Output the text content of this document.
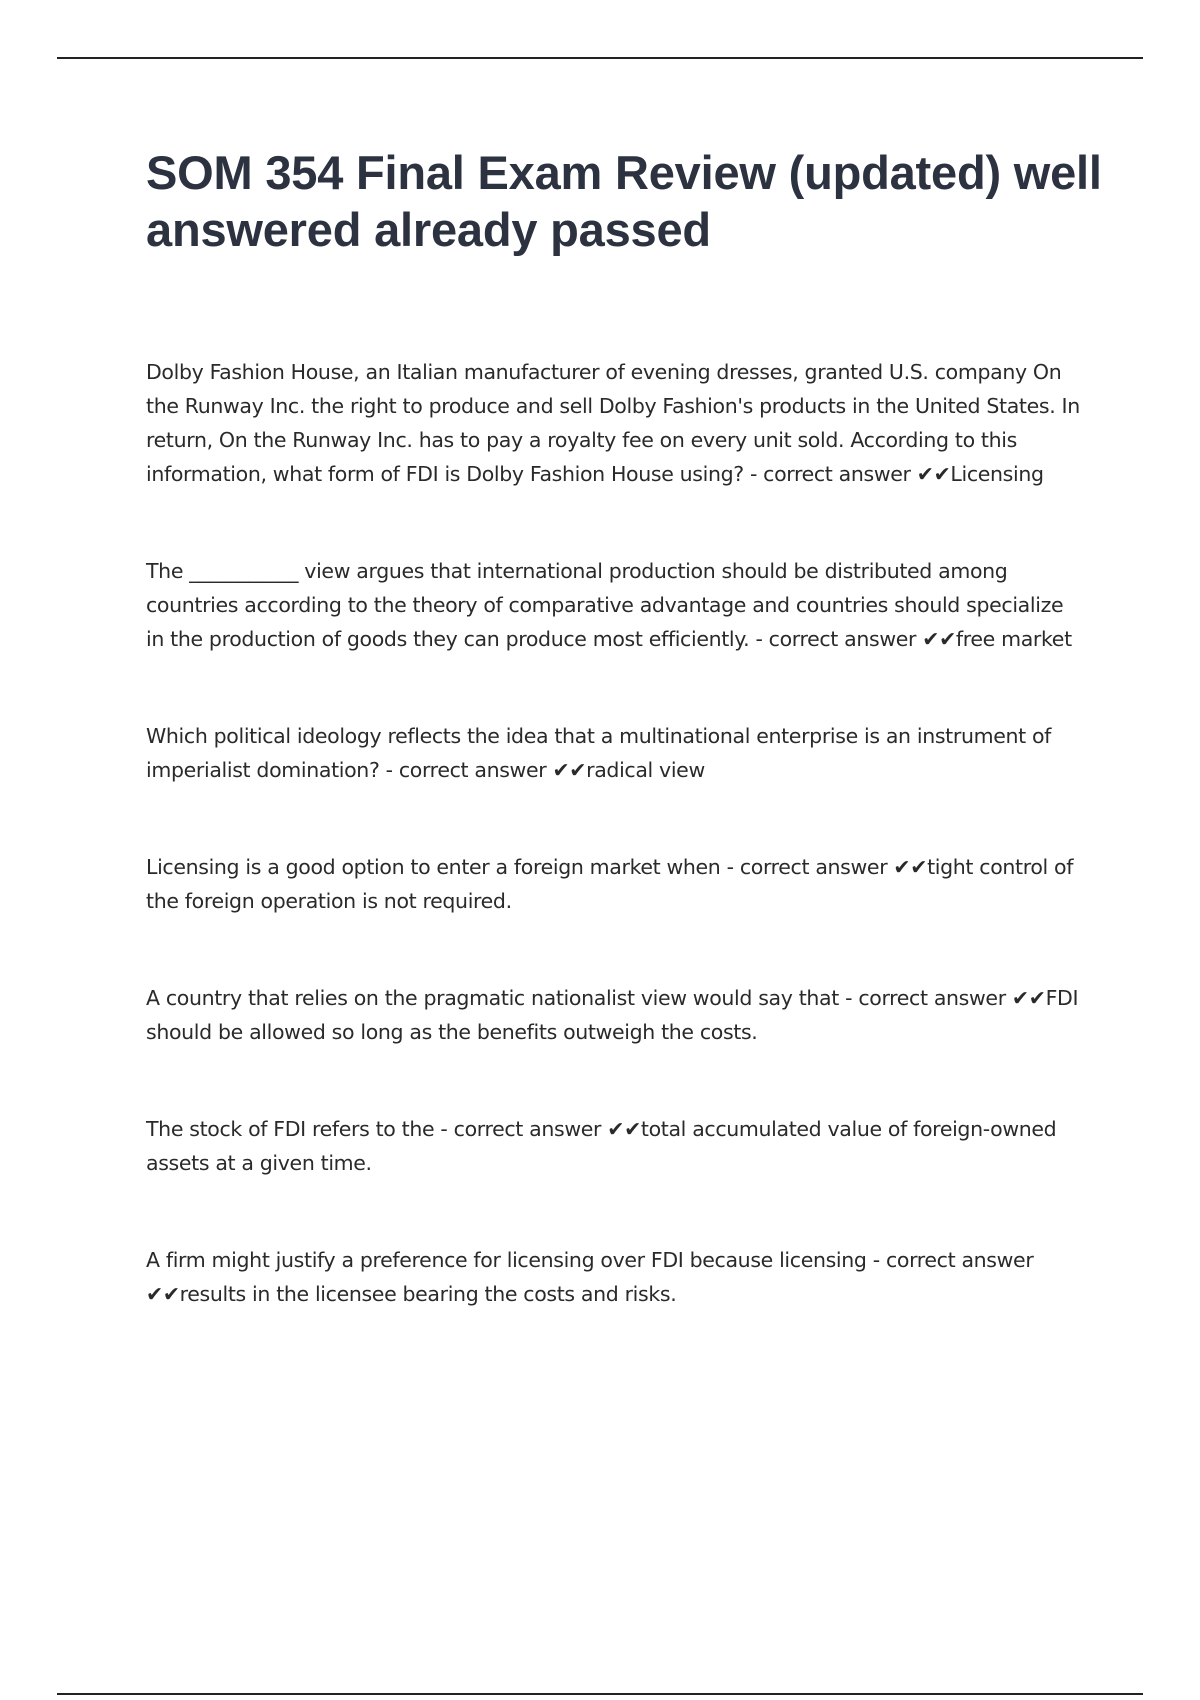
SOM 354 Final Exam Review (updated) well answered already passed

Dolby Fashion House, an Italian manufacturer of evening dresses, granted U.S. company On the Runway Inc. the right to produce and sell Dolby Fashion's products in the United States. In return, On the Runway Inc. has to pay a royalty fee on every unit sold. According to this information, what form of FDI is Dolby Fashion House using? - correct answer ✔✔Licensing

The ___________ view argues that international production should be distributed among countries according to the theory of comparative advantage and countries should specialize in the production of goods they can produce most efficiently. - correct answer ✔✔free market

Which political ideology reflects the idea that a multinational enterprise is an instrument of imperialist domination? - correct answer ✔✔radical view

Licensing is a good option to enter a foreign market when - correct answer ✔✔tight control of the foreign operation is not required.

A country that relies on the pragmatic nationalist view would say that - correct answer ✔✔FDI should be allowed so long as the benefits outweigh the costs.

The stock of FDI refers to the - correct answer ✔✔total accumulated value of foreign-owned assets at a given time.

A firm might justify a preference for licensing over FDI because licensing - correct answer ✔✔results in the licensee bearing the costs and risks.
